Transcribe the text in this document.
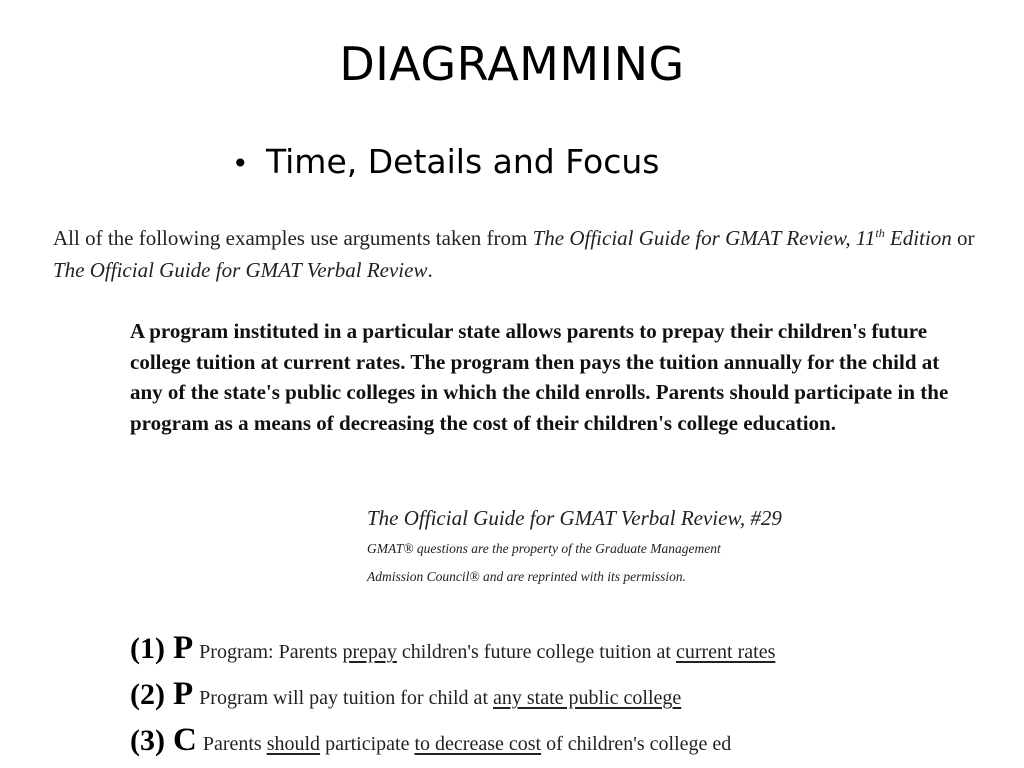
DIAGRAMMING
• Time, Details and Focus
All of the following examples use arguments taken from The Official Guide for GMAT Review, 11th Edition or The Official Guide for GMAT Verbal Review.
A program instituted in a particular state allows parents to prepay their children's future college tuition at current rates. The program then pays the tuition annually for the child at any of the state's public colleges in which the child enrolls. Parents should participate in the program as a means of decreasing the cost of their children's college education.
The Official Guide for GMAT Verbal Review, #29
GMAT® questions are the property of the Graduate Management
Admission Council® and are reprinted with its permission.
(1) P Program: Parents prepay children's future college tuition at current rates
(2) P Program will pay tuition for child at any state public college
(3) C Parents should participate to decrease cost of children's college ed
